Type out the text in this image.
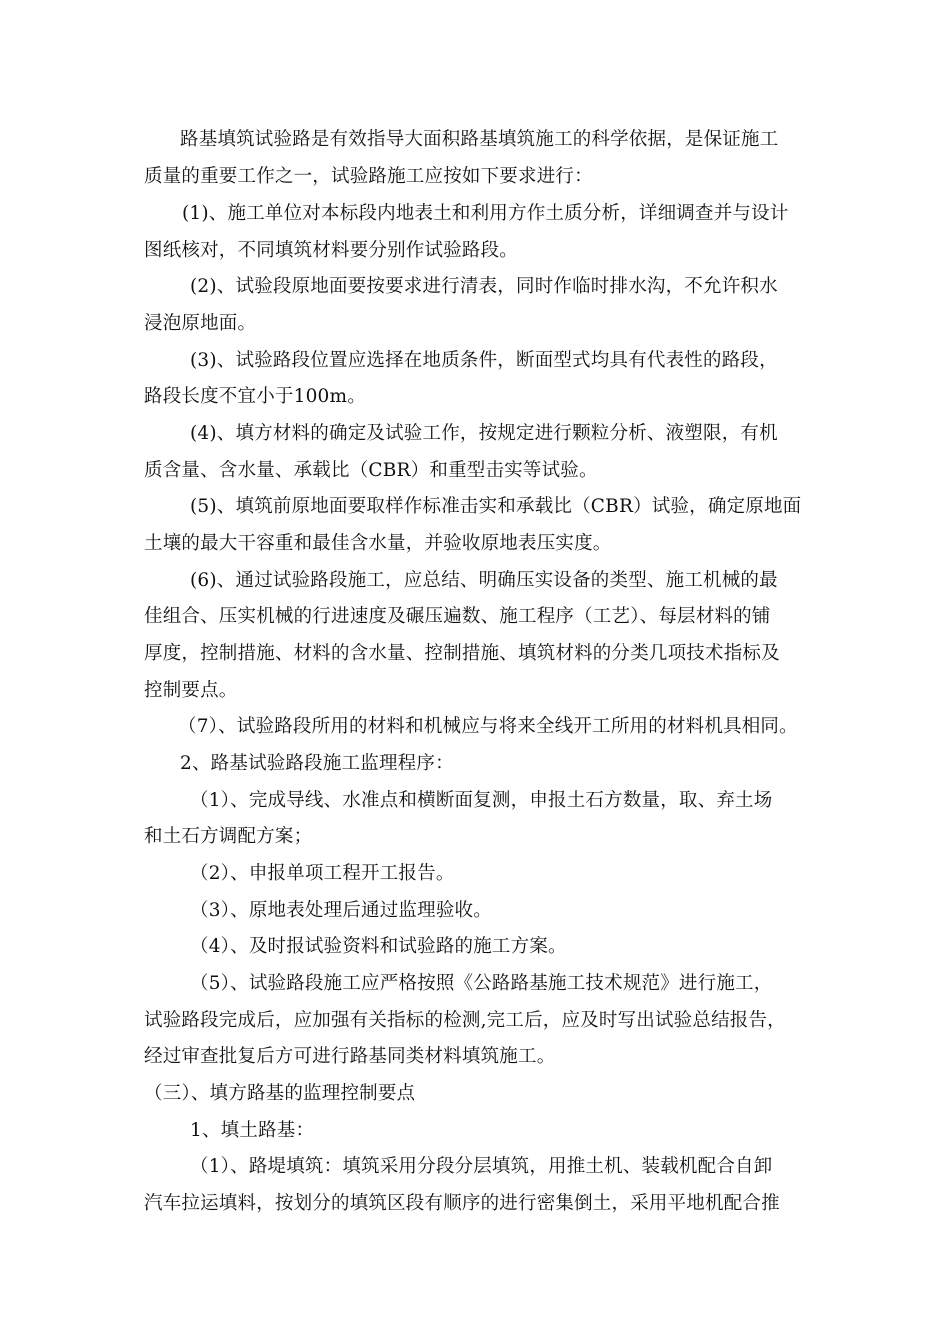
路基填筑试验路是有效指导大面积路基填筑施工的科学依据，是保证施工
质量的重要工作之一，试验路施工应按如下要求进行：
(1)、施工单位对本标段内地表土和利用方作土质分析，详细调查并与设计
图纸核对，不同填筑材料要分别作试验路段。
(2)、试验段原地面要按要求进行清表，同时作临时排水沟，不允许积水
浸泡原地面。
(3)、试验路段位置应选择在地质条件，断面型式均具有代表性的路段，
路段长度不宜小于100m。
(4)、填方材料的确定及试验工作，按规定进行颗粒分析、液塑限，有机
质含量、含水量、承载比（CBR）和重型击实等试验。
(5)、填筑前原地面要取样作标准击实和承载比（CBR）试验，确定原地面
土壤的最大干容重和最佳含水量，并验收原地表压实度。
(6)、通过试验路段施工，应总结、明确压实设备的类型、施工机械的最
佳组合、压实机械的行进速度及碾压遍数、施工程序（工艺）、每层材料的铺
厚度，控制措施、材料的含水量、控制措施、填筑材料的分类几项技术指标及
控制要点。
（7）、试验路段所用的材料和机械应与将来全线开工所用的材料机具相同。
2、路基试验路段施工监理程序：
（1）、完成导线、水准点和横断面复测，申报土石方数量，取、弃土场
和土石方调配方案；
（2）、申报单项工程开工报告。
（3）、原地表处理后通过监理验收。
（4）、及时报试验资料和试验路的施工方案。
（5）、试验路段施工应严格按照《公路路基施工技术规范》进行施工，
试验路段完成后，应加强有关指标的检测,完工后，应及时写出试验总结报告，
经过审查批复后方可进行路基同类材料填筑施工。
（三）、填方路基的监理控制要点
1、填土路基：
（1）、路堤填筑：填筑采用分段分层填筑，用推土机、装载机配合自卸
汽车拉运填料，按划分的填筑区段有顺序的进行密集倒土，采用平地机配合推
